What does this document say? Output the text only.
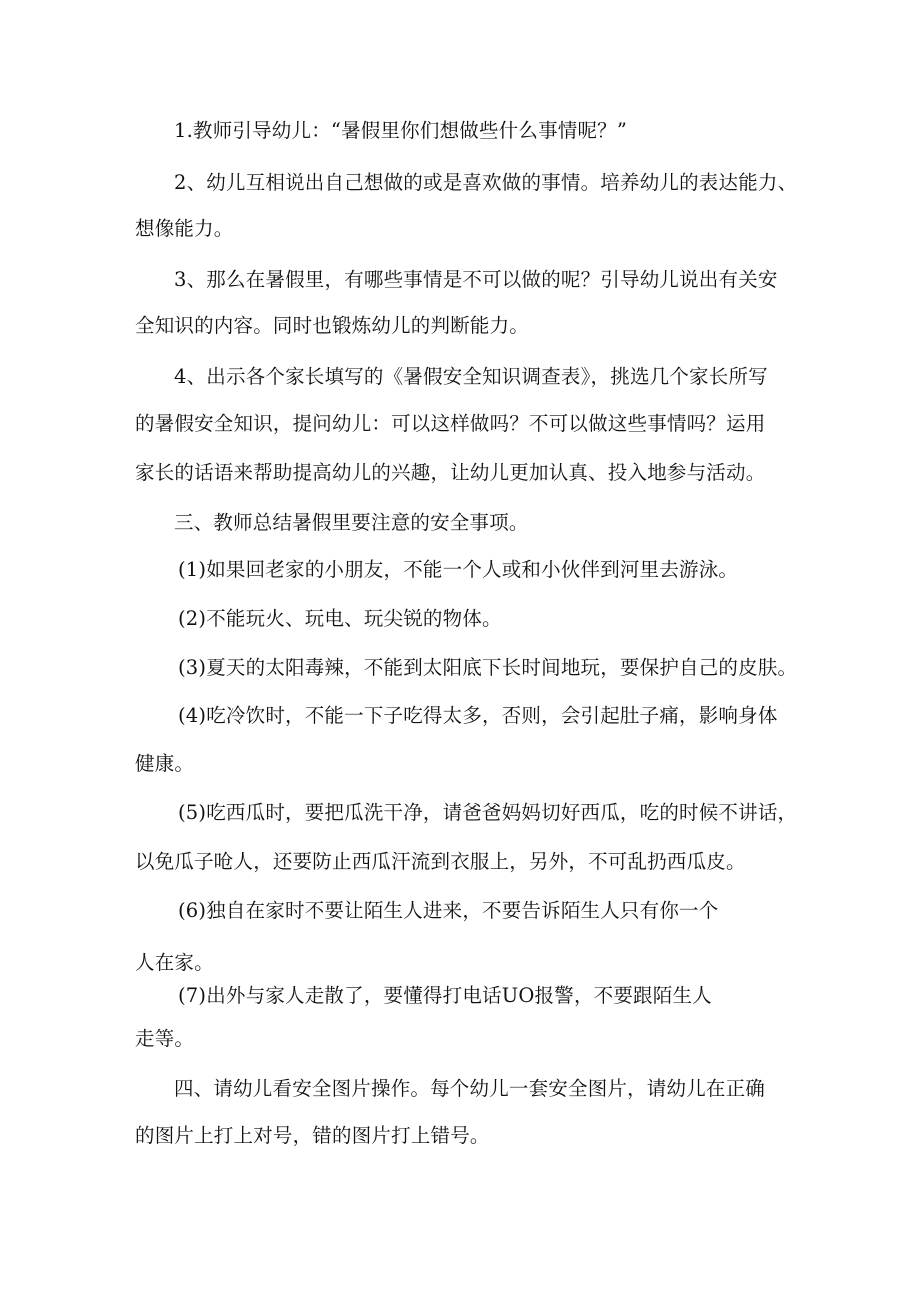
1.教师引导幼儿：“暑假里你们想做些什么事情呢？”
2、幼儿互相说出自己想做的或是喜欢做的事情。培养幼儿的表达能力、
想像能力。
3、那么在暑假里，有哪些事情是不可以做的呢？引导幼儿说出有关安
全知识的内容。同时也锻炼幼儿的判断能力。
4、出示各个家长填写的《暑假安全知识调查表》，挑选几个家长所写
的暑假安全知识，提问幼儿：可以这样做吗？不可以做这些事情吗？运用
家长的话语来帮助提高幼儿的兴趣，让幼儿更加认真、投入地参与活动。
三、教师总结暑假里要注意的安全事项。
(1)如果回老家的小朋友，不能一个人或和小伙伴到河里去游泳。
(2)不能玩火、玩电、玩尖锐的物体。
(3)夏天的太阳毒辣，不能到太阳底下长时间地玩，要保护自己的皮肤。
(4)吃冷饮时，不能一下子吃得太多，否则，会引起肚子痛，影响身体
健康。
(5)吃西瓜时，要把瓜洗干净，请爸爸妈妈切好西瓜，吃的时候不讲话，
以免瓜子呛人，还要防止西瓜汗流到衣服上，另外，不可乱扔西瓜皮。
(6)独自在家时不要让陌生人进来，不要告诉陌生人只有你一个
人在家。
(7)出外与家人走散了，要懂得打电话UO报警，不要跟陌生人
走等。
四、请幼儿看安全图片操作。每个幼儿一套安全图片，请幼儿在正确
的图片上打上对号，错的图片打上错号。
